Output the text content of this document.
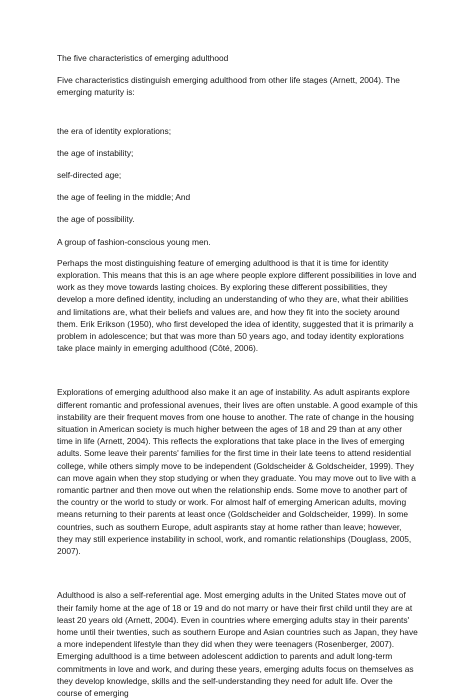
The five characteristics of emerging adulthood

Five characteristics distinguish emerging adulthood from other life stages (Arnett, 2004). The emerging maturity is:

the era of identity explorations;

the age of instability;

self-directed age;

the age of feeling in the middle; And

the age of possibility.

A group of fashion-conscious young men.

Perhaps the most distinguishing feature of emerging adulthood is that it is time for identity exploration. This means that this is an age where people explore different possibilities in love and work as they move towards lasting choices. By exploring these different possibilities, they develop a more defined identity, including an understanding of who they are, what their abilities and limitations are, what their beliefs and values are, and how they fit into the society around them. Erik Erikson (1950), who first developed the idea of identity, suggested that it is primarily a problem in adolescence; but that was more than 50 years ago, and today identity explorations take place mainly in emerging adulthood (Côté, 2006).

Explorations of emerging adulthood also make it an age of instability. As adult aspirants explore different romantic and professional avenues, their lives are often unstable. A good example of this instability are their frequent moves from one house to another. The rate of change in the housing situation in American society is much higher between the ages of 18 and 29 than at any other time in life (Arnett, 2004). This reflects the explorations that take place in the lives of emerging adults. Some leave their parents' families for the first time in their late teens to attend residential college, while others simply move to be independent (Goldscheider & Goldscheider, 1999). They can move again when they stop studying or when they graduate. You may move out to live with a romantic partner and then move out when the relationship ends. Some move to another part of the country or the world to study or work. For almost half of emerging American adults, moving means returning to their parents at least once (Goldscheider and Goldscheider, 1999). In some countries, such as southern Europe, adult aspirants stay at home rather than leave; however, they may still experience instability in school, work, and romantic relationships (Douglass, 2005, 2007).

Adulthood is also a self-referential age. Most emerging adults in the United States move out of their family home at the age of 18 or 19 and do not marry or have their first child until they are at least 20 years old (Arnett, 2004). Even in countries where emerging adults stay in their parents' home until their twenties, such as southern Europe and Asian countries such as Japan, they have a more independent lifestyle than they did when they were teenagers (Rosenberger, 2007). Emerging adulthood is a time between adolescent addiction to parents and adult long-term commitments in love and work, and during these years, emerging adults focus on themselves as they develop knowledge, skills and the self-understanding they need for adult life. Over the course of emerging
